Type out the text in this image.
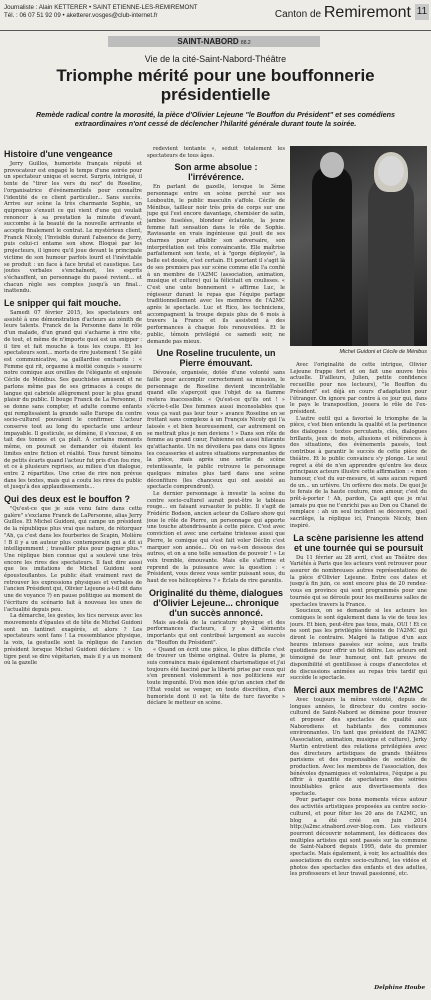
Journaliste : Alain KETTERER • SAINT ETIENNE-LES-REMIREMONT
Tél. : 06 07 51 92 09 • aketterer.vosges@club-internet.fr	Canton de Remiremont 11
SAINT-NABORD 88.2
Vie de la cité-Saint-Nabord-Théâtre
Triomphe mérité pour une bouffonnerie
présidentielle
Remède radical contre la morosité, la pièce d'Olivier Lejeune "le Bouffon du Président" et ses comédiens extraordinaires n'ont cessé de déclencher l'hilarité générale durant toute la soirée.
Histoire d'une vengeance

Jerry Guillos, humoriste français réputé et provocateur est engagé le temps d'une soirée pour un spectateur unique et secret. Surpris, intrigué, il tente de "tirer les vers du nez" de Roseline, l'organisatrice d'événementiels pour connaître l'identité de ce client particulier... Sans succès. Arrive sur scène la très charmante Sophie, un quiproquo s'ensuit ce qui vient d'une qui voulait renoncer à sa prestation la minute d'avant, succombe à la beauté de la nouvelle arrivante et accepte finalement le contrat. Le mystérieux client, Franck Nicoly, l'Invisible durant l'absence de Jerry, puis celui-ci entame son show. Bloqué par les projecteurs, il ignore qu'il joue devant le principale victime de son humour parfois lourd et l'inévitable se produit : un face à face brutal et caustique. Les joutes verbales s'enchaînent, les esprits s'échauffent, un personnage du passé revient... et chacun règle ses comptes jusqu'à un final... inattendu.

Le snipper qui fait mouche.

Samedi 07 février 2015, les spectateurs ont assisté à une démonstration d'acteurs au zénith de leurs talents. Franck de la Personne dans le rôle d'un malade, d'un grand qui s'acharne à rire vite, de tout, et même de n'importe quoi est un snipper : il tire et fait mouche à tous les coups. Et les spectateurs sont... morts de rire justement ! Se gâté est communicative, sa gaillardise enchante : « Femme qui rit, orgasme à moitié conquis » susurre notre comique aux oreilles de l'élégante et enjouée Cécile de Ménibus. Ses gauchistes amusent et ne parlons même pas de ses grimaces à coups de langue qui cabriole allègrement pour le plus grand plaisir du public. Il bouge Franck de La Personne, il se donne sans compter, et adulte comme enfants qui remplissaient la grande salle Europe du centre socio-culturel pouvaient le confirmer. L'acteur conserve tout au long du spectacle une ardeur impayable. Il gesticule, se démène, il s'excuse, il en tait des tonnes et ça plaît. À certains moments même, on pouvait se demander où étaient les limites entre fiction et réalité. Tous furent témoins de petits écarts quand l'acteur fut pris d'un fou rire, et ce à plusieurs reprises, au milieu d'un dialogue, entre 2 répartites. Une crise de rire non prévue dans les textes, mais qui a coutu les rires du public et jusqu'à des applaudissements...

Qui des deux est le bouffon ?

"Qu'est-ce que je suis venu faire dans cette galère" s'exclame Franck de LaPersonne, alias Jerry Guillos. Et Michel Guidoni, qui campe un président de la république plus vrai que nature, de rétorquer "Ah, ça c'est dans les fourberies de Scapin, Molière ! B il y a un auteur plus contemporain qui a dit si intelligemment ; travailler plus pour gagner plus." Une réplique bien connue qui a soulevé une très encore les rires des spectateurs. Il faut dire aussi que les imitations de Michel Guidoni sont époustouflantes. Le public était vraiment ravi de retrouver les expressions physiques et verbales de l'ancien Président qui, Olivier Lejeune a-t-il dit dans une de voyance ?) en pause politique au moment de l'écriture du scénario fait à nouveau les unes de l'actualité depuis peu.

La démarche, les gestes, les tics nerveux avec les mouvements d'épaules et de tête de Michel Guidoni sont un tantinet exagérés, et alors ? Les spectateurs sont fans ! La ressemblance physique, la voix, la gestuelle sont la réplique de l'ancien président lorsque Michel Guidoni déclare : « Un tigre peut se dire végétarien, mais il y a un moment où la gazelle

redevient tentante », séduit totalement les spectateurs de tous âges.

Son arme absolue : l'irrévérence.

En parlant de gazelle, lorsque le 3ème personnage entre en scène perché sur ses Louboutin, le public masculin s'affole. Cécile de Ménibus, tailleur noir très près de corps sur une jupe qui l'est encore davantage, chemisier de satin, jambes fuselées, blondeur éclatante, la jeune femme fait sensation dans le rôle de Sophie. Ravissante en vrais ingénieuse qui jouit de ses charmes pour affaiblir son adversaire, son interprétation est très convaincante. Elle maîtrise parfaitement son texte, et à "gorge déployée", la belle est douée, c'est certain. Et pourtant il s'agit là de ses premiers pas sur scène comme elle l'a confié à un membre de l'A2MC (association, animation, musique et culture) qui la félicitait en coulisses. « C'est une unte bonnement » affirme Luc, le régisseur durant le repas que l'équipe partage traditionnellement avec les membres de l'A2MC après le spectacle. Luc et Rico, les techniciens, accompagnent la troupe depuis plus de 6 mois à travers la France et ils assistent à des performances à chaque fois renouvelées. Et le public, témoin privilégié ce samedi soir, ne demande pas mieux.

Une Roseline truculente, un Pierre émouvant.

Dévouée, organisée, dotée d'une volonté sans faille pour accomplir correctement sa mission, le personnage de Roseline devient incontrôlable quand elle s'aperçoit que l'objet de sa flamme restera inaccessible. « Qu'est-ce qu'ils ont ! » s'écrie-t-elle Des femmes aussi inconsolables que vous ça vaut pas leur tour » avance Roseline en se frottant sans complexe à un François Nicoly qui l'a laissée « et bien heureusement, car autrement on se mettrait plus je nen deviens ! » Dans son rôle de femme au grand cœur, Fabienne est aussi hilarante qu'attachante. Un ne dévoilera pas dans ces lignes les cocasseries et autres situations surprenantes de la pièce, mais après une sortie de scène retentissante, le public retrouve le personnage quelques minutes plus tard dans une scène déconfiture (les chanceux qui ont assisté au spectacle comprendront).

Le dernier personnage à investir la scène du centre socio-culturel aurait peut-être le tableau rouge... en faisant sursauter le public. Il s'agit de Frédéric Bodson, ancien acteur du Collaro show qui joue le rôle de Pierre, un personnage qui apporte une touche attendrissante à cette pièce. C'est avec conviction et avec une certaine tristesse aussi que Pierre, le comique qui s'est fait voler Déclin c'est marquer son année... Où on va-t-on dessous des autres, et on a une telle sensation de pouvoir ! » Le voix tremble, émouvante. Mais elle s'affirme et reprend de la puissance avec la question : « Président, vous devez vous sentir puissant sous, du haut de vos hélicoptères ? » Éclats de rire garantis.

Originalité du thème, dialogues d'Olivier Lejeune... chronique d'un succès annoncé.

Mais au-delà de la caricature physique et des performances d'acteurs, il y a 2 éléments importants qui ont contribué largement au succès du "Bouffon du Président".

« Quand on écrit une pièce, le plus difficile c'est de trouver un thème original. Outre la plume, je suis convaincu mais également charismatique et j'ai toujours été fasciné par la liberté prise par ceux qui s'en prennent violemment à nos politiciens sur toute impunité. D'où mon idée qu'un ancien chef de l'État voulut se venger, en toute discrétion, d'un humoriste dont il est la tête de turc favorite » déclare le metteur en scène.

Michel Guidoni et Cécile de Ménibus

Avec l'originalité de cette intrigue, Olivier Lejeune frappe fort et on fait une œuvre très actuelle. D'ailleurs, Julien, petite confidence recueillie pour nos lecteurs), "le Bouffon du Président" est déjà en cours d'adaptation pour l'étranger. On ignore par contre à ce jour qui, dans le pays le transposition, jouera le rôle de l'ex-président.

L'autre outil qui a favorisé le triomphe de la pièce, c'est bien entendu la qualité et la pertinence des dialogues : textes percutants, clés, dialogues brillants, jeux de mots, allusions et références à des situations, des évènements passés, tout contribue à garantir le succès de cette pièce de théâtre. Et le public convaincu s'y plonge. Le seul regret a été de n'en apprendre qu'entre les deux principaux acteurs illustre cette affirmation : « mon humour, c'est du sur-mesure, et sans aucun regard de un... un urfévre. Un orfèvre des mots. De quoi Je te ferais de la haute couture, mon amour, c'est du prêt-à-porter ! Ah, pardon, Ça agit que je m'ai jamais pu que ne t'enrichi pas au Don ou Chanel de remplace : ah un seul incident se découvre, quel sacrilège, la réplique ici, François Nicoly, bien inspiré.

La scène parisienne les attend et une tournée qui se poursuit

Du 11 février au 28 avril, c'est au Théâtre des Variétés à Paris que les acteurs vont retrouver pour assurer de nombreuses autres représentations de la pièce d'Olivier Lejeune. Entre ces dates et jusqu'à fin juin, ce sont encore plus de 20 rendez-vous en province qui sont programmés pour une tournée qui se déroule pour les meilleures salles de spectacles travers la France.

Soucieux, on se demande si les acteurs les comiques le sont également dans la vie de tous les jours. Et bien, peut-être pas tous, mais, OUI ! Et ce ne sont pas les privilégiés témoins de l'A2MC qui diront le contraire. Malgré la fatigue d'un aux heures intenses passées sur scène, aux traits quotidiens pour offrir un tel délire. Les acteurs ont témoigné de leur humour, ont fait preuve de disponibilité et gentillesse à coups d'anecdotes et de discussions animées au repas très tardif qui succède le spectacle.

Merci aux membres de l'A2MC

Avec toujours la même volonté, depuis de longues années, le directeur du centre socio-culturel de Saint-Nabord se démène pour trouver et proposer des spectacles de qualité aux Naborodiens et habitants des communes environnantes. Un tant que président de l'A2MC (Association, animation, musique et culture), Jerky Martin entretient des relations privilégiées avec des directeurs artistiques de grands théâtres parisiens et des responsables de sociétés de production. Avec les membres de l'association, des bénévoles dynamiques et volontaires, l'équipe a pu offrir à quantité de spectateurs des soirées inoubliables grâce aux divertissements des spectacle.

Pour partager ces bons moments vécus autour des activités artistiques proposées au centre socio-culturel, et pour fêter les 20 ans de l'A2MC, un blog a été créé en juin 2014 http://a2mc.stnabord.over-blog.com. Les visiteurs pourront découvrir notamment, les dédicaces des multiples artistes qui sont passés sur la commune de Saint-Nabord depuis 1995, date du premier spectacle. Mais également, à voir, les actualités des associations du centre socio-culturel, les vidéos et photos des spectacles des enfants et des adultes, les professeurs et leur travail passionné, etc.

Delphine Hoube
